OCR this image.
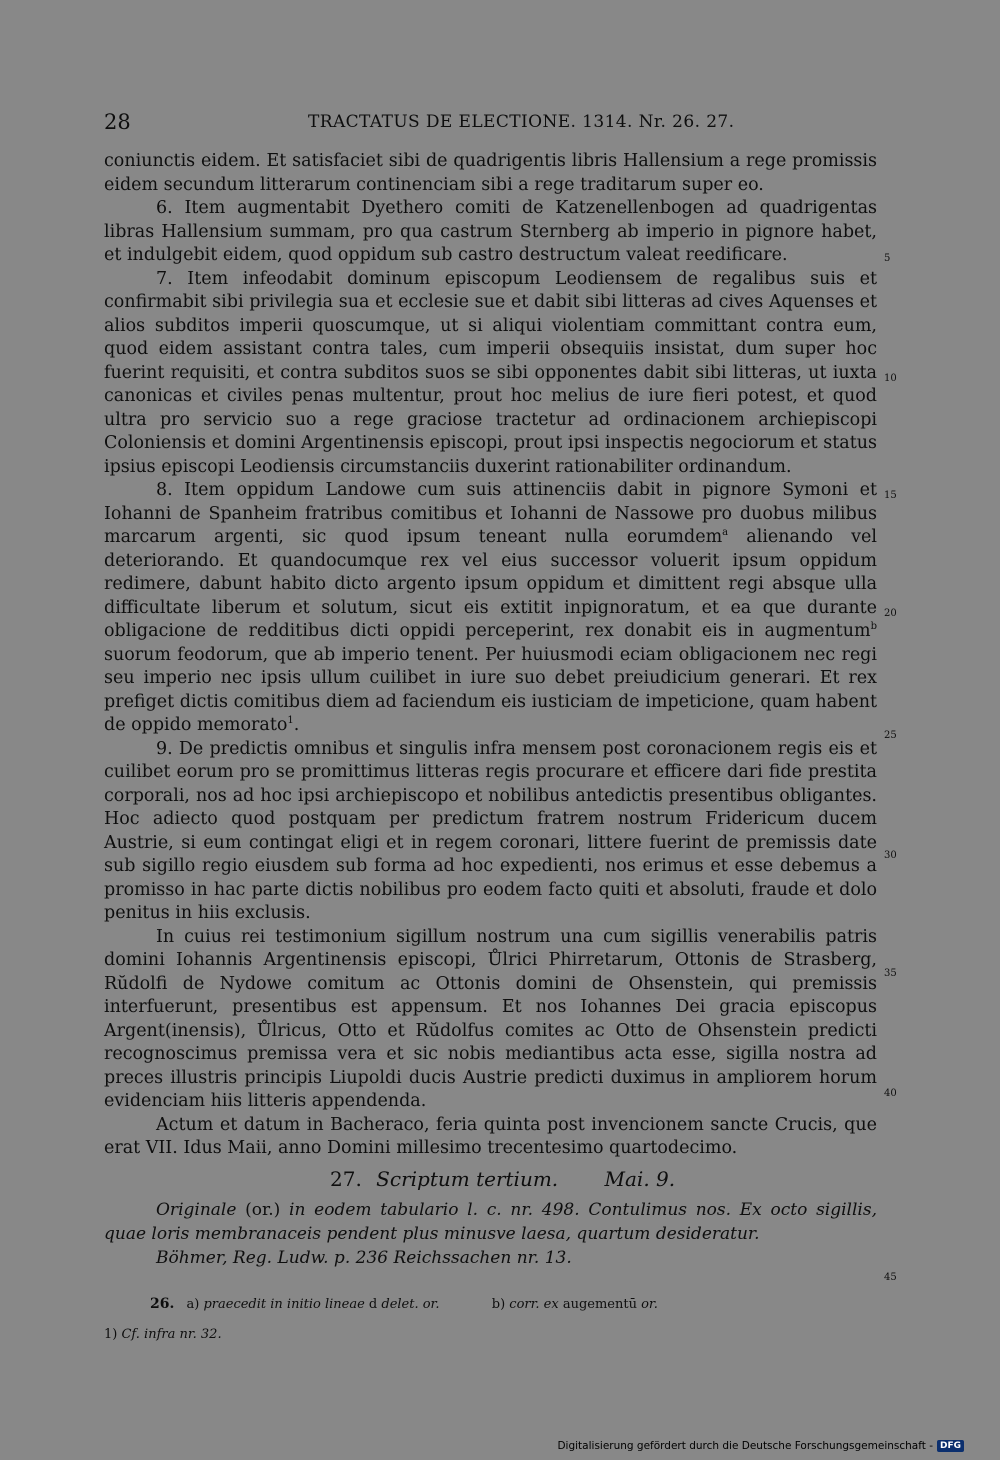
28	TRACTATUS DE ELECTIONE. 1314. Nr. 26. 27.

coniunctis eidem. Et satisfaciet sibi de quadrigentis libris Hallensium a rege promissis eidem secundum litterarum continenciam sibi a rege traditarum super eo.

6. Item augmentabit Dyethero comiti de Katzenellenbogen ad quadrigentas libras Hallensium summam, pro qua castrum Sternberg ab imperio in pignore habet, et indulgebit eidem, quod oppidum sub castro destructum valeat reedificare.

7. Item infeodabit dominum episcopum Leodiensem de regalibus suis et confirmabit sibi privilegia sua et ecclesie sue et dabit sibi litteras ad cives Aquenses et alios subditos imperii quoscumque, ut si aliqui violentiam committant contra eum, quod eidem assistant contra tales, cum imperii obsequiis insistat, dum super hoc fuerint requisiti, et contra subditos suos se sibi opponentes dabit sibi litteras, ut iuxta canonicas et civiles penas multentur, prout hoc melius de iure fieri potest, et quod ultra pro servicio suo a rege graciose tractetur ad ordinacionem archiepiscopi Coloniensis et domini Argentinensis episcopi, prout ipsi inspectis negociorum et status ipsius episcopi Leodiensis circumstanciis duxerint rationabiliter ordinandum.

8. Item oppidum Landowe cum suis attinenciis dabit in pignore Symoni et Iohanni de Spanheim fratribus comitibus et Iohanni de Nassowe pro duobus milibus marcarum argenti, sic quod ipsum teneant nulla eorumdem$^a$ alienando vel deteriorando. Et quandocumque rex vel eius successor voluerit ipsum oppidum redimere, dabunt habito dicto argento ipsum oppidum et dimittent regi absque ulla difficultate liberum et solutum, sicut eis extitit inpignoratum, et ea que durante obligacione de redditibus dicti oppidi perceperint, rex donabit eis in augmentum$^b$ suorum feodorum, que ab imperio tenent. Per huiusmodi eciam obligacionem nec regi seu imperio nec ipsis ullum cuilibet in iure suo debet preiudicium generari. Et rex prefiget dictis comitibus diem ad faciendum eis iusticiam de impeticione, quam habent de oppido memorato$^1$.

9. De predictis omnibus et singulis infra mensem post coronacionem regis eis et cuilibet eorum pro se promittimus litteras regis procurare et efficere dari fide prestita corporali, nos ad hoc ipsi archiepiscopo et nobilibus antedictis presentibus obligantes. Hoc adiecto quod postquam per predictum fratrem nostrum Fridericum ducem Austrie, si eum contingat eligi et in regem coronari, littere fuerint de premissis date sub sigillo regio eiusdem sub forma ad hoc expedienti, nos erimus et esse debemus a promisso in hac parte dictis nobilibus pro eodem facto quiti et absoluti, fraude et dolo penitus in hiis exclusis.

In cuius rei testimonium sigillum nostrum una cum sigillis venerabilis patris domini Iohannis Argentinensis episcopi, Ůlrici Phirretarum, Ottonis de Strasberg, Rŭdolfi de Nydowe comitum ac Ottonis domini de Ohsenstein, qui premissis interfuerunt, presentibus est appensum. Et nos Iohannes Dei gracia episcopus Argent(inensis), Ůlricus, Otto et Rŭdolfus comites ac Otto de Ohsenstein predicti recognoscimus premissa vera et sic nobis mediantibus acta esse, sigilla nostra ad preces illustris principis Liupoldi ducis Austrie predicti duximus in ampliorem horum evidenciam hiis litteris appendenda.

Actum et datum in Bacheraco, feria quinta post invencionem sancte Crucis, que erat VII. Idus Maii, anno Domini millesimo trecentesimo quartodecimo.

5
10
15
20
25
30
35
40
45
27. Scriptum tertium. Mai. 9.

Originale (or.) in eodem tabulario l. c. nr. 498. Contulimus nos. Ex octo sigillis, quae loris membranaceis pendent plus minusve laesa, quartum desideratur.

Böhmer, Reg. Ludw. p. 236 Reichssachen nr. 13.

26. a) praecedit in initio lineae d delet. or.	b) corr. ex augementū or.
1) Cf. infra nr. 32.
Digitalisierung gefördert durch die Deutsche Forschungsgemeinschaft - DFG
